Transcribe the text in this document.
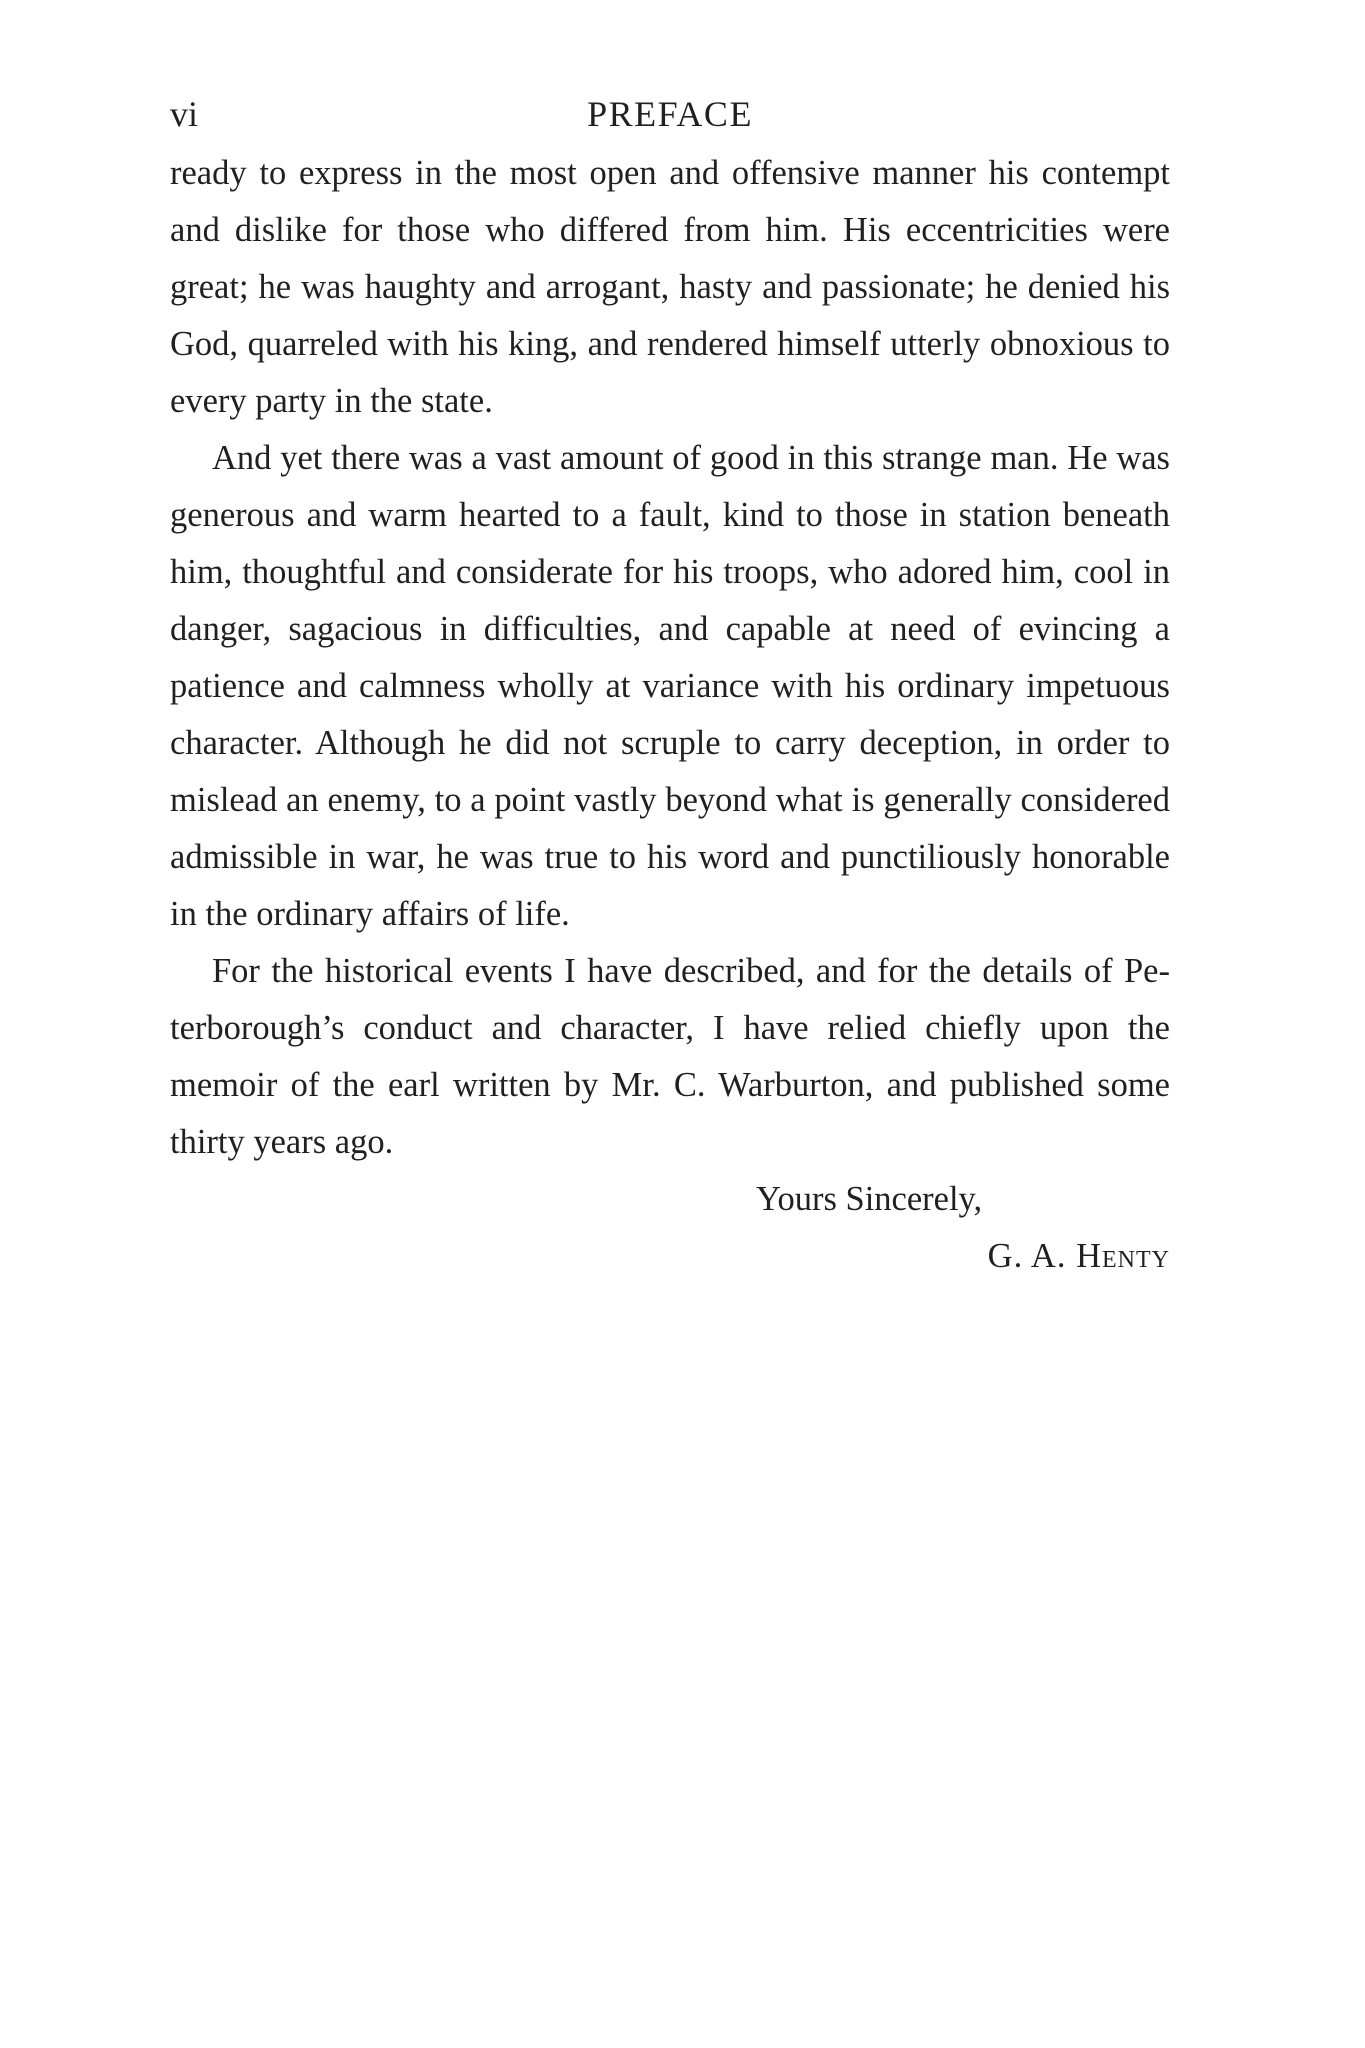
vi	PREFACE

ready to express in the most open and offensive manner his contempt and dislike for those who differed from him. His eccentricities were great; he was haughty and arrogant, hasty and passionate; he denied his God, quarreled with his king, and rendered himself utterly obnoxious to every party in the state.

And yet there was a vast amount of good in this strange man. He was generous and warm hearted to a fault, kind to those in station beneath him, thoughtful and considerate for his troops, who adored him, cool in danger, sagacious in difficulties, and capable at need of evincing a patience and calmness wholly at variance with his ordinary impetuous character. Although he did not scruple to carry deception, in order to mislead an enemy, to a point vastly beyond what is generally considered admissible in war, he was true to his word and punctiliously honorable in the ordinary affairs of life.

For the historical events I have described, and for the details of Peterborough’s conduct and character, I have relied chiefly upon the memoir of the earl written by Mr. C. Warburton, and published some thirty years ago.

Yours Sincerely,

G. A. Henty
